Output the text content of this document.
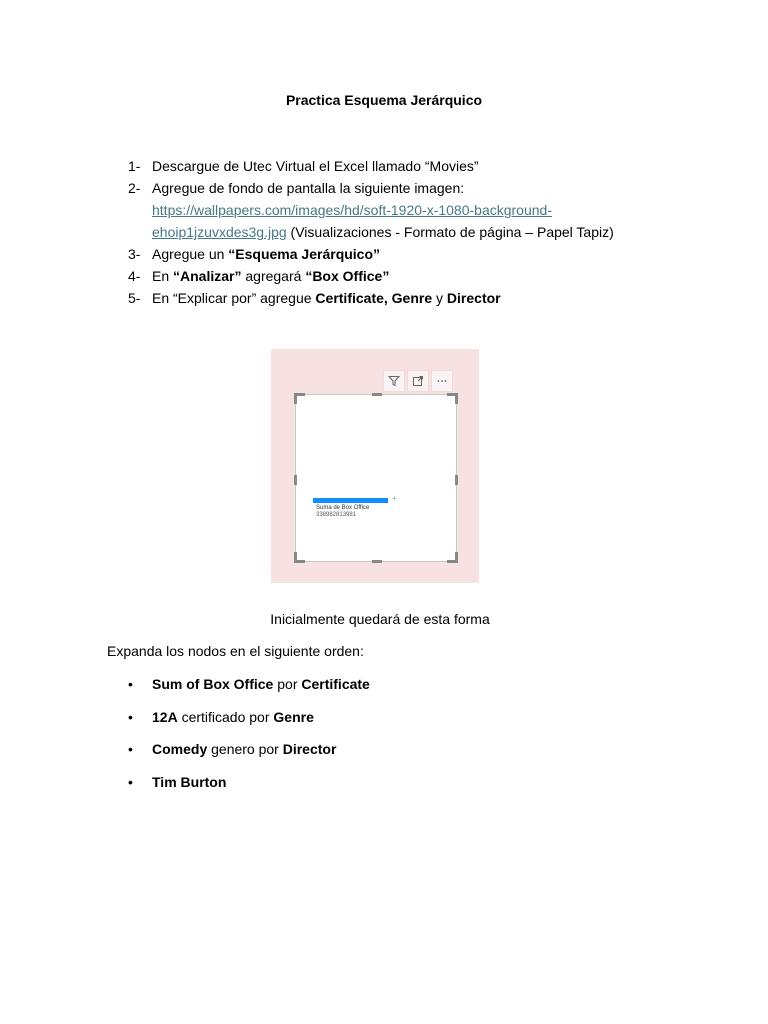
Practica Esquema Jerárquico
1- Descargue de Utec Virtual el Excel llamado “Movies”
2- Agregue de fondo de pantalla la siguiente imagen:
https://wallpapers.com/images/hd/soft-1920-x-1080-background-
ehoip1jzuvxdes3g.jpg (Visualizaciones - Formato de página – Papel Tapiz)
3- Agregue un “Esquema Jerárquico”
4- En “Analizar” agregará “Box Office”
5- En “Explicar por” agregue Certificate, Genre y Director
+
Suma de Box Office
338982813981
Inicialmente quedará de esta forma
Expanda los nodos en el siguiente orden:
•	Sum of Box Office por Certificate
•	12A certificado por Genre
•	Comedy genero por Director
•	Tim Burton
